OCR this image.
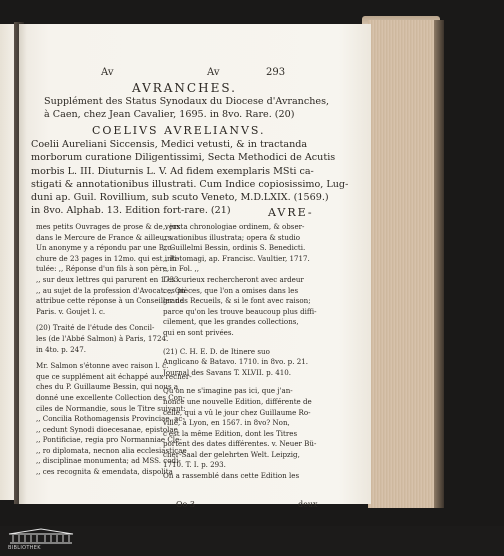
Av	Av	293
AVRANCHES.
Supplément des Status Synodaux du Diocese d'Avranches,
à Caen, chez Jean Cavalier, 1695. in 8vo. Rare. (20)
COELIVS AVRELIANVS.
Coelii Aureliani Siccensis, Medici vetusti, & in tractanda
morborum curatione Diligentissimi, Secta Methodici de Acutis
morbis L. III. Diuturnis L. V. Ad fidem exemplaris MSti ca-
stigati & annotationibus illustrati. Cum Indice copiosissimo, Lug-
duni ap. Guil. Rovillium, sub scuto Veneto, M.D.LXIX. (1569.)
in 8vo. Alphab. 13. Edition fort-rare. (21)	AVRE-
mes petits Ouvrages de prose & de vers
dans le Mercure de France & ailleurs.
Un anonyme y a répondu par une Bro-
chure de 23 pages in 12mo. qui est inti-
tulée: ,, Réponse d'un fils à son père,
,, sur deux lettres qui parurent en 1733.
,, au sujet de la profession d'Avocat. ,, On
attribue cette réponse à un Conseiller de
Paris. v. Goujet l. c.
(20) Traité de l'étude des Concil-
les (de l'Abbé Salmon) à Paris, 1724.
in 4to. p. 247.
Mr. Salmon s'étonne avec raison l. c.
que ce supplément ait échappé aux recher-
ches du P. Guillaume Bessin, qui nous a
donné une excellente Collection des Con-
ciles de Normandie, sous le Titre suivant:
,, Concilia Rothomagensis Provinciae, ac-
,, cedunt Synodi dioecesanae, epistolae
,, Pontificiae, regia pro Normanniae Cle-
,, ro diplomata, necnon alia ecclesiasticae
,, disciplinae monumenta; ad MSS. codi-
,, ces recognita & emendata, dispolita
,, juxta chronologiae ordinem, & obser-
,, vationibus illustrata; opera & studio
,, Guillelmi Bessin, ordinis S. Benedicti.
,, Rotomagi, ap. Francisc. Vaultier, 1717.
,, in Fol. ,,
Les curieux rechercheront avec ardeur
ces pièces, que l'on a omises dans les
grands Recueils, & si le font avec raison;
parce qu'on les trouve beaucoup plus diffi-
cilement, que les grandes collections,
qui en sont privées.
(21) C. H. E. D. de Itinere suo
Anglicano & Batavo. 1710. in 8vo. p. 21.
Journal des Savans T. XLVII. p. 410.
Qu'on ne s'imagine pas ici, que j'an-
nonce une nouvelle Edition, différente de
celle, qui a vû le jour chez Guillaume Ro-
villé, à Lyon, en 1567. in 8vo? Non,
c'est la même Edition, dont les Titres
portent des dates différentes. v. Neuer Bü-
cher-Saal der gelehrten Welt. Leipzig,
1710. T. I. p. 293.
On a rassemblé dans cette Edition les
Oo 3	deux
BIBLIOTHEK
